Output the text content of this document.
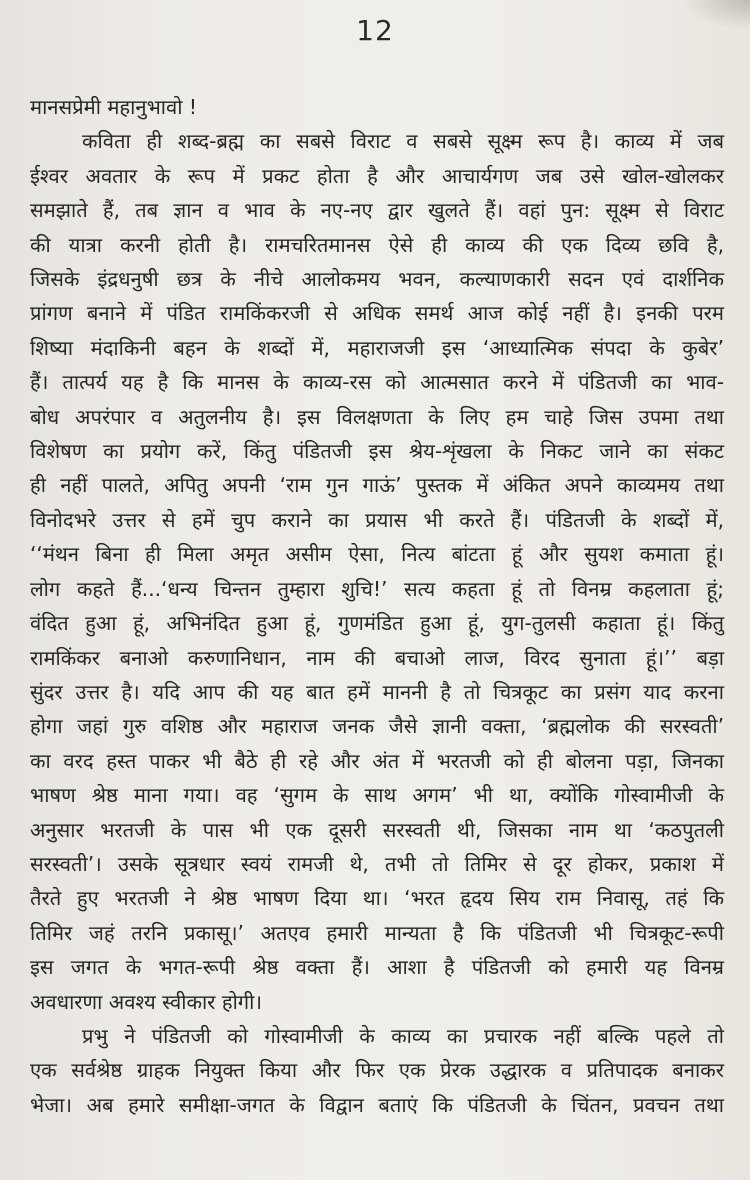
12
मानसप्रेमी महानुभावो !
कविता ही शब्द-ब्रह्म का सबसे विराट व सबसे सूक्ष्म रूप है। काव्य में जब
ईश्वर अवतार के रूप में प्रकट होता है और आचार्यगण जब उसे खोल-खोलकर
समझाते हैं, तब ज्ञान व भाव के नए-नए द्वार खुलते हैं। वहां पुन: सूक्ष्म से विराट
की यात्रा करनी होती है। रामचरितमानस ऐसे ही काव्य की एक दिव्य छवि है,
जिसके इंद्रधनुषी छत्र के नीचे आलोकमय भवन, कल्याणकारी सदन एवं दार्शनिक
प्रांगण बनाने में पंडित रामकिंकरजी से अधिक समर्थ आज कोई नहीं है। इनकी परम
शिष्या मंदाकिनी बहन के शब्दों में, महाराजजी इस ‘आध्यात्मिक संपदा के कुबेर’
हैं। तात्पर्य यह है कि मानस के काव्य-रस को आत्मसात करने में पंडितजी का भाव-
बोध अपरंपार व अतुलनीय है। इस विलक्षणता के लिए हम चाहे जिस उपमा तथा
विशेषण का प्रयोग करें, किंतु पंडितजी इस श्रेय-शृंखला के निकट जाने का संकट
ही नहीं पालते, अपितु अपनी ‘राम गुन गाऊं’ पुस्तक में अंकित अपने काव्यमय तथा
विनोदभरे उत्तर से हमें चुप कराने का प्रयास भी करते हैं। पंडितजी के शब्दों में,
‘‘मंथन बिना ही मिला अमृत असीम ऐसा, नित्य बांटता हूं और सुयश कमाता हूं।
लोग कहते हैं...‘धन्य चिन्तन तुम्हारा शुचि!’ सत्य कहता हूं तो विनम्र कहलाता हूं;
वंदित हुआ हूं, अभिनंदित हुआ हूं, गुणमंडित हुआ हूं, युग-तुलसी कहाता हूं। किंतु
रामकिंकर बनाओ करुणानिधान, नाम की बचाओ लाज, विरद सुनाता हूं।’’ बड़ा
सुंदर उत्तर है। यदि आप की यह बात हमें माननी है तो चित्रकूट का प्रसंग याद करना
होगा जहां गुरु वशिष्ठ और महाराज जनक जैसे ज्ञानी वक्ता, ‘ब्रह्मलोक की सरस्वती’
का वरद हस्त पाकर भी बैठे ही रहे और अंत में भरतजी को ही बोलना पड़ा, जिनका
भाषण श्रेष्ठ माना गया। वह ‘सुगम के साथ अगम’ भी था, क्योंकि गोस्वामीजी के
अनुसार भरतजी के पास भी एक दूसरी सरस्वती थी, जिसका नाम था ‘कठपुतली
सरस्वती’। उसके सूत्रधार स्वयं रामजी थे, तभी तो तिमिर से दूर होकर, प्रकाश में
तैरते हुए भरतजी ने श्रेष्ठ भाषण दिया था। ‘भरत हृदय सिय राम निवासू, तहं कि
तिमिर जहं तरनि प्रकासू।’ अतएव हमारी मान्यता है कि पंडितजी भी चित्रकूट-रूपी
इस जगत के भगत-रूपी श्रेष्ठ वक्ता हैं। आशा है पंडितजी को हमारी यह विनम्र
अवधारणा अवश्य स्वीकार होगी।
प्रभु ने पंडितजी को गोस्वामीजी के काव्य का प्रचारक नहीं बल्कि पहले तो
एक सर्वश्रेष्ठ ग्राहक नियुक्त किया और फिर एक प्रेरक उद्धारक व प्रतिपादक बनाकर
भेजा। अब हमारे समीक्षा-जगत के विद्वान बताएं कि पंडितजी के चिंतन, प्रवचन तथा
